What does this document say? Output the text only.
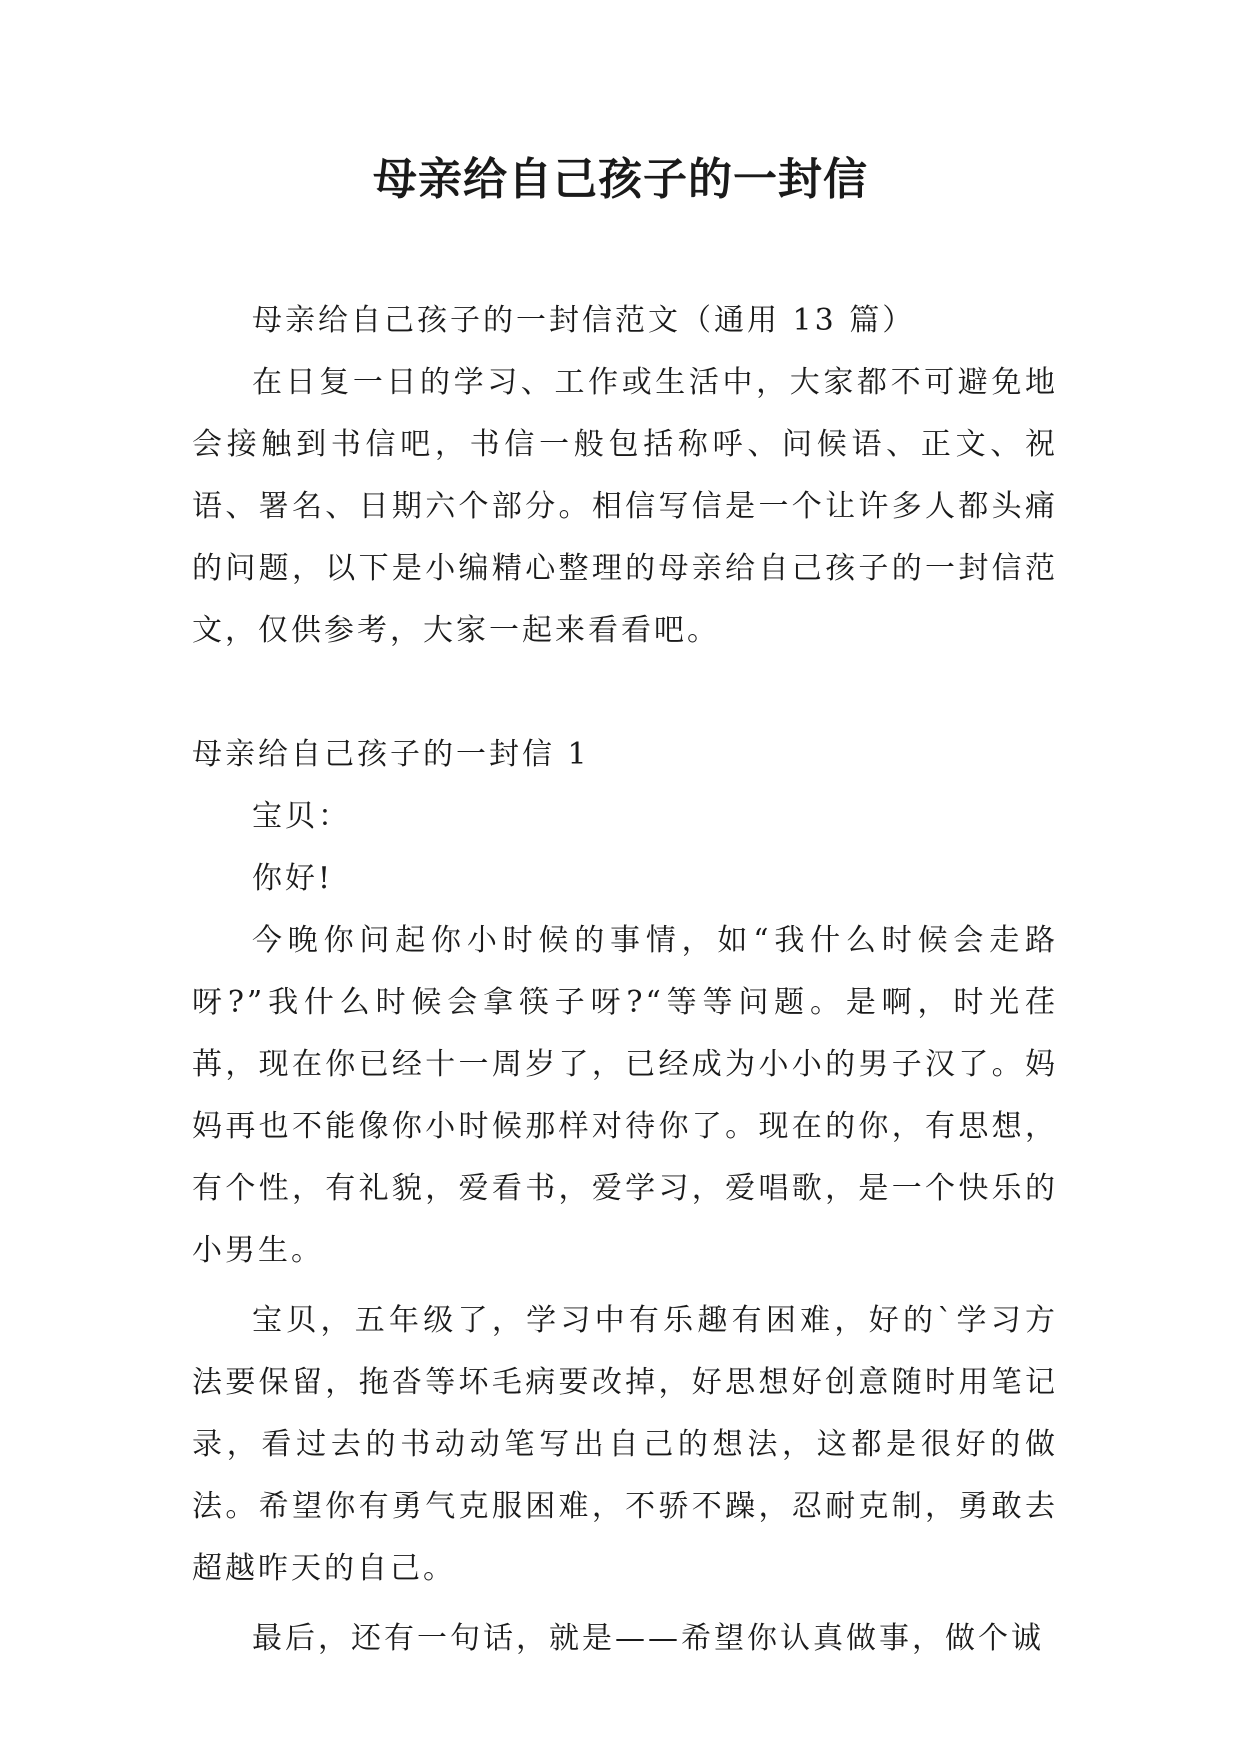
母亲给自己孩子的一封信

母亲给自己孩子的一封信范文（通用 13 篇）

在日复一日的学习、工作或生活中，大家都不可避免地会接触到书信吧，书信一般包括称呼、问候语、正文、祝语、署名、日期六个部分。相信写信是一个让许多人都头痛的问题，以下是小编精心整理的母亲给自己孩子的一封信范文，仅供参考，大家一起来看看吧。

母亲给自己孩子的一封信 1

宝贝：

你好!

今晚你问起你小时候的事情，如“我什么时候会走路呀?”我什么时候会拿筷子呀?“等等问题。是啊，时光荏苒，现在你已经十一周岁了，已经成为小小的男子汉了。妈妈再也不能像你小时候那样对待你了。现在的你，有思想，有个性，有礼貌，爱看书，爱学习，爱唱歌，是一个快乐的小男生。

宝贝，五年级了，学习中有乐趣有困难，好的`学习方法要保留，拖沓等坏毛病要改掉，好思想好创意随时用笔记录，看过去的书动动笔写出自己的想法，这都是很好的做法。希望你有勇气克服困难，不骄不躁，忍耐克制，勇敢去超越昨天的自己。

最后，还有一句话，就是——希望你认真做事，做个诚
